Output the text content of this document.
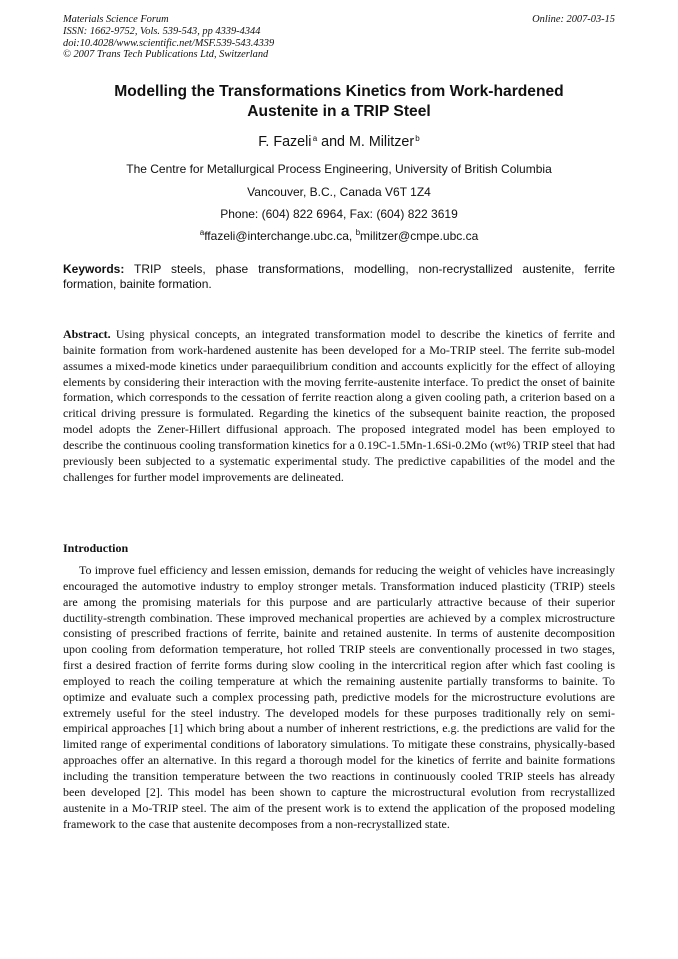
Materials Science Forum
ISSN: 1662-9752, Vols. 539-543, pp 4339-4344
doi:10.4028/www.scientific.net/MSF.539-543.4339
© 2007 Trans Tech Publications Ltd, Switzerland
Online: 2007-03-15
Modelling the Transformations Kinetics from Work-hardened
Austenite in a TRIP Steel
F. Fazeli $^a$ and M. Militzer $^b$
The Centre for Metallurgical Process Engineering, University of British Columbia
Vancouver, B.C., Canada V6T 1Z4
Phone: (604) 822 6964, Fax: (604) 822 3619
$^a$ffazeli@interchange.ubc.ca, $^b$militzer@cmpe.ubc.ca
Keywords: TRIP steels, phase transformations, modelling, non-recrystallized austenite, ferrite formation, bainite formation.
Abstract. Using physical concepts, an integrated transformation model to describe the kinetics of ferrite and bainite formation from work-hardened austenite has been developed for a Mo-TRIP steel. The ferrite sub-model assumes a mixed-mode kinetics under paraequilibrium condition and accounts explicitly for the effect of alloying elements by considering their interaction with the moving ferrite-austenite interface. To predict the onset of bainite formation, which corresponds to the cessation of ferrite reaction along a given cooling path, a criterion based on a critical driving pressure is formulated. Regarding the kinetics of the subsequent bainite reaction, the proposed model adopts the Zener-Hillert diffusional approach. The proposed integrated model has been employed to describe the continuous cooling transformation kinetics for a 0.19C-1.5Mn-1.6Si-0.2Mo (wt%) TRIP steel that had previously been subjected to a systematic experimental study. The predictive capabilities of the model and the challenges for further model improvements are delineated.
Introduction
To improve fuel efficiency and lessen emission, demands for reducing the weight of vehicles have increasingly encouraged the automotive industry to employ stronger metals. Transformation induced plasticity (TRIP) steels are among the promising materials for this purpose and are particularly attractive because of their superior ductility-strength combination. These improved mechanical properties are achieved by a complex microstructure consisting of prescribed fractions of ferrite, bainite and retained austenite. In terms of austenite decomposition upon cooling from deformation temperature, hot rolled TRIP steels are conventionally processed in two stages, first a desired fraction of ferrite forms during slow cooling in the intercritical region after which fast cooling is employed to reach the coiling temperature at which the remaining austenite partially transforms to bainite. To optimize and evaluate such a complex processing path, predictive models for the microstructure evolutions are extremely useful for the steel industry. The developed models for these purposes traditionally rely on semi-empirical approaches [1] which bring about a number of inherent restrictions, e.g. the predictions are valid for the limited range of experimental conditions of laboratory simulations. To mitigate these constrains, physically-based approaches offer an alternative. In this regard a thorough model for the kinetics of ferrite and bainite formations including the transition temperature between the two reactions in continuously cooled TRIP steels has already been developed [2]. This model has been shown to capture the microstructural evolution from recrystallized austenite in a Mo-TRIP steel. The aim of the present work is to extend the application of the proposed modeling framework to the case that austenite decomposes from a non-recrystallized state.
